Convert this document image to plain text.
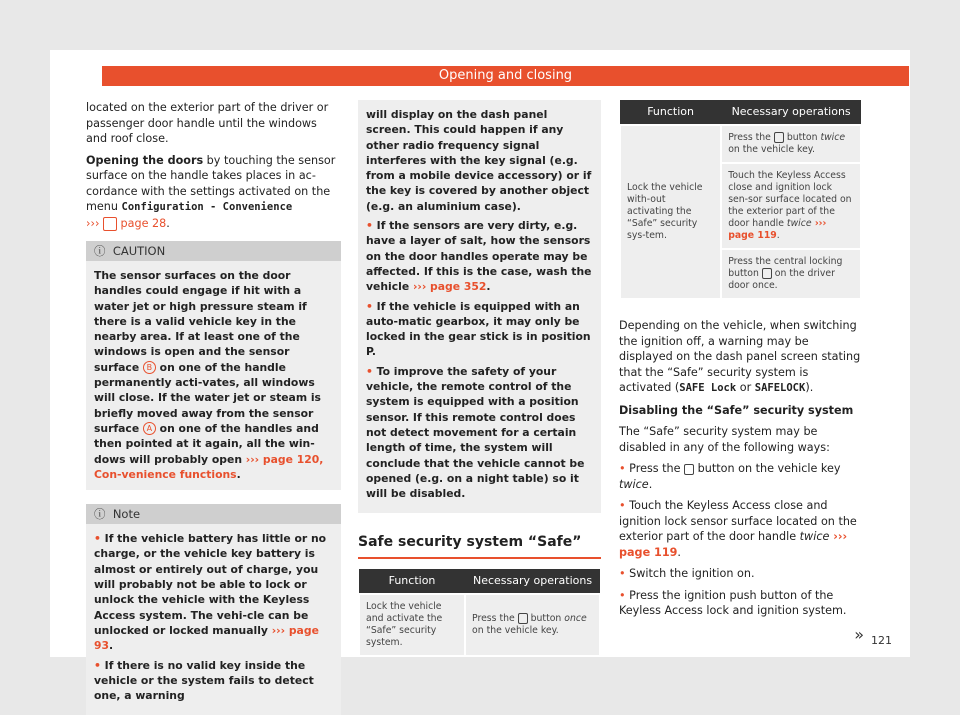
Opening and closing

located on the exterior part of the driver or passenger door handle until the windows and roof close.

Opening the doors by touching the sensor surface on the handle takes places in ac-cordance with the settings activated on the menu Configuration - Convenience
›››  page 28.

ⓘ CAUTION
The sensor surfaces on the door handles could engage if hit with a water jet or high pressure steam if there is a valid vehicle key in the nearby area. If at least one of the windows is open and the sensor surface B on one of the handle permanently acti-vates, all windows will close. If the water jet or steam is briefly moved away from the sensor surface A on one of the handles and then pointed at it again, all the win-dows will probably open ››› page 120, Con-venience functions.
ⓘ Note

• If the vehicle battery has little or no charge, or the vehicle key battery is almost or entirely out of charge, you will probably not be able to lock or unlock the vehicle with the Keyless Access system. The vehi-cle can be unlocked or locked manually ››› page 93.

• If there is no valid key inside the vehicle or the system fails to detect one, a warning

will display on the dash panel screen. This could happen if any other radio frequency signal interferes with the key signal (e.g. from a mobile device accessory) or if the key is covered by another object (e.g. an aluminium case).

• If the sensors are very dirty, e.g. have a layer of salt, how the sensors on the door handles operate may be affected. If this is the case, wash the vehicle ››› page 352.

• If the vehicle is equipped with an auto-matic gearbox, it may only be locked in the gear stick is in position P.

• To improve the safety of your vehicle, the remote control of the system is equipped with a position sensor. If this remote control does not detect movement for a certain length of time, the system will conclude that the vehicle cannot be opened (e.g. on a night table) so it will be disabled.

Safe security system “Safe”
Function	Necessary operations
Lock the vehicle and activate the “Safe” security system.	Press the  button once on the vehicle key.
Function	Necessary operations
Lock the vehicle with-out activating the “Safe” security sys-tem.	Press the  button twice on the vehicle key.
	Touch the Keyless Access close and ignition lock sen-sor surface located on the exterior part of the door handle twice ››› page 119.
	Press the central locking button  on the driver door once.

Depending on the vehicle, when switching the ignition off, a warning may be displayed on the dash panel screen stating that the “Safe” security system is activated (SAFE Lock or SAFELOCK).

Disabling the “Safe” security system

The “Safe” security system may be disabled in any of the following ways:

• Press the  button on the vehicle key twice.

• Touch the Keyless Access close and ignition lock sensor surface located on the exterior part of the door handle twice ››› page 119.

• Switch the ignition on.

• Press the ignition push button of the Keyless Access lock and ignition system.

» 121
